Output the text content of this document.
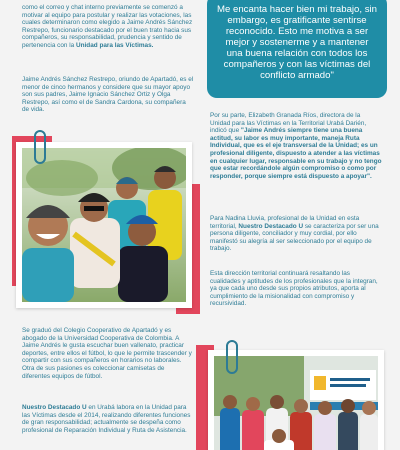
como el correo y chat interno previamente se comenzó a motivar al equipo para postular y realizar las votaciones, las cuales determinaron como elegido a Jaime Andrés Sánchez Restrepo, funcionario destacado por el buen trato hacia sus compañeros, su responsabilidad, prudencia y sentido de pertenencia con la Unidad para las Víctimas.
Jaime Andrés Sánchez Restrepo, oriundo de Apartadó, es el menor de cinco hermanos y considere que su mayor apoyo son sus padres, Jaime Ignacio Sánchez Ortiz y Olga Restrepo, así como el de Sandra Cardona, su compañera de vida.
Me encanta hacer bien mi trabajo, sin embargo, es gratificante sentirse reconocido. Esto me motiva a ser mejor y sostenerme y a mantener una buena relación con todos los compañeros y con las víctimas del conflicto armado"
Por su parte, Elizabeth Granada Ríos, directora de la Unidad para las Víctimas en la Territorial Urabá Darién, indicó que "Jaime Andrés siempre tiene una buena actitud, su labor es muy importante, maneja Ruta Individual, que es el eje transversal de la Unidad; es un profesional diligente, dispuesto a atender a las víctimas en cualquier lugar, responsable en su trabajo y no tengo que estar recordándole algún compromiso o como por responder, porque siempre está dispuesto a apoyar".
Para Nadina Lluvia, profesional de la Unidad en esta territorial, Nuestro Destacado U se caracteriza por ser una persona diligente, conciliador y muy cordial, por ello manifestó su alegría al ser seleccionado por el equipo de trabajo.
Esta dirección territorial continuará resaltando las cualidades y aptitudes de los profesionales que la integran, ya que cada uno desde sus propios atributos, aporta al cumplimiento de la misionalidad con compromiso y recursividad.
Se graduó del Colegio Cooperativo de Apartadó y es abogado de la Universidad Cooperativa de Colombia. A Jaime Andrés le gusta escuchar buen vallenato, practicar deportes, entre ellos el fútbol, lo que le permite trascender y compartir con sus compañeros en horarios no laborales. Otra de sus pasiones es coleccionar camisetas de diferentes equipos de fútbol.
Nuestro Destacado U en Urabá labora en la Unidad para las Víctimas desde el 2014, realizando diferentes funciones de gran responsabilidad; actualmente se despeña como profesional de Reparación Individual y Ruta de Asistencia.
